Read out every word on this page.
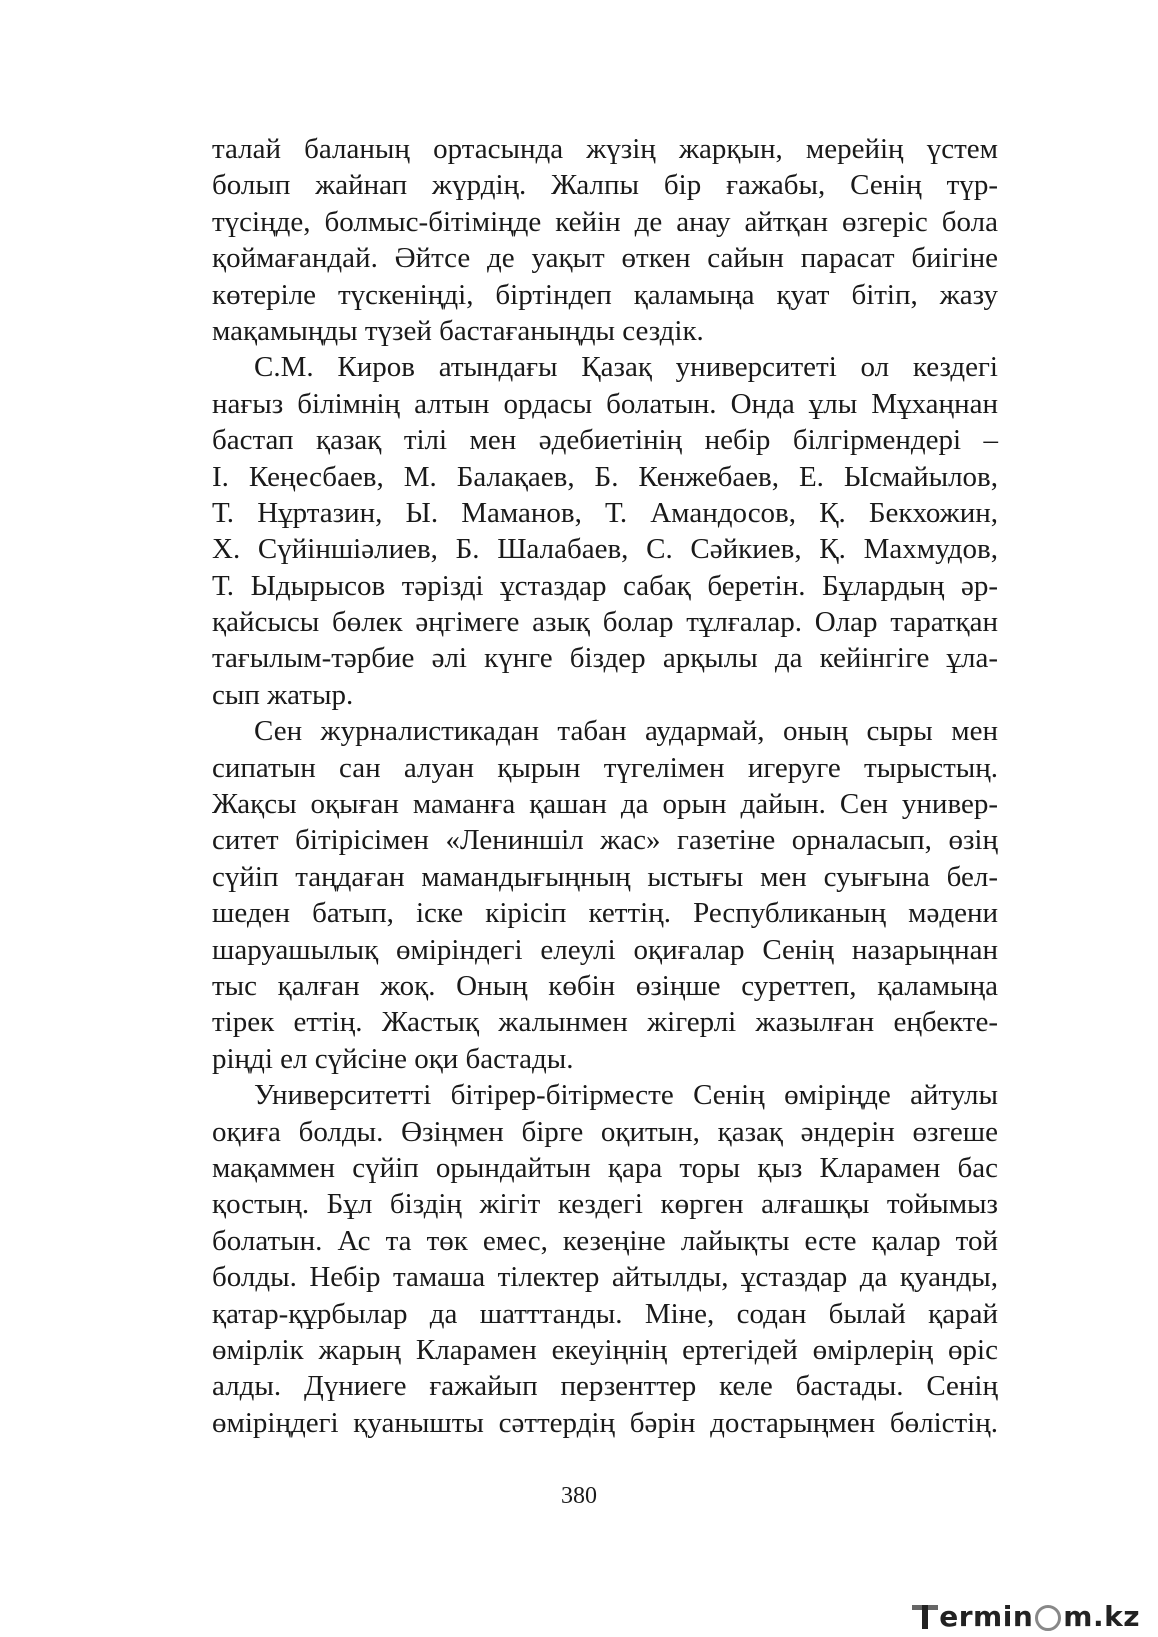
талай баланың ортасында жүзің жарқын, мерейің үстем
болып жайнап жүрдің. Жалпы бір ғажабы, Сенің түр-
түсіңде, болмыс-бітіміңде кейін де анау айтқан өзгеріс бола
қоймағандай. Әйтсе де уақыт өткен сайын парасат биігіне
көтеріле түскеніңді, біртіндеп қаламыңа қуат бітіп, жазу
мақамыңды түзей бастағаныңды сездік.
С.М. Киров атындағы Қазақ университеті ол кездегі
нағыз білімнің алтын ордасы болатын. Онда ұлы Мұхаңнан
бастап қазақ тілі мен әдебиетінің небір білгірмендері –
І. Кеңесбаев, М. Балақаев, Б. Кенжебаев, Е. Ысмайылов,
Т. Нұртазин, Ы. Маманов, Т. Амандосов, Қ. Бекхожин,
Х. Сүйіншіәлиев, Б. Шалабаев, С. Сәйкиев, Қ. Махмудов,
Т. Ыдырысов тәрізді ұстаздар сабақ беретін. Бұлардың әр-
қайсысы бөлек әңгімеге азық болар тұлғалар. Олар таратқан
тағылым-тәрбие әлі күнге біздер арқылы да кейінгіге ұла-
сып жатыр.
Сен журналистикадан табан аудармай, оның сыры мен
сипатын сан алуан қырын түгелімен игеруге тырыстың.
Жақсы оқыған маманға қашан да орын дайын. Сен универ-
ситет бітірісімен «Лениншіл жас» газетіне орналасып, өзің
сүйіп таңдаған мамандығыңның ыстығы мен суығына бел-
шеден батып, іске кірісіп кеттің. Республиканың мәдени
шаруашылық өміріндегі елеулі оқиғалар Сенің назарыңнан
тыс қалған жоқ. Оның көбін өзіңше суреттеп, қаламыңа
тірек еттің. Жастық жалынмен жігерлі жазылған еңбекте-
ріңді ел сүйсіне оқи бастады.
Университетті бітірер-бітірместе Сенің өміріңде айтулы
оқиға болды. Өзіңмен бірге оқитын, қазақ әндерін өзгеше
мақаммен сүйіп орындайтын қара торы қыз Кларамен бас
қостың. Бұл біздің жігіт кездегі көрген алғашқы тойымыз
болатын. Ас та төк емес, кезеңіне лайықты есте қалар той
болды. Небір тамаша тілектер айтылды, ұстаздар да қуанды,
қатар-құрбылар да шатттанды. Міне, содан былай қарай
өмірлік жарың Кларамен екеуіңнің ертегідей өмірлерің өріс
алды. Дүниеге ғажайып перзенттер келе бастады. Сенің
өміріңдегі қуанышты сәттердің бәрін достарыңмен бөлістің.
380
ermin m.kz
